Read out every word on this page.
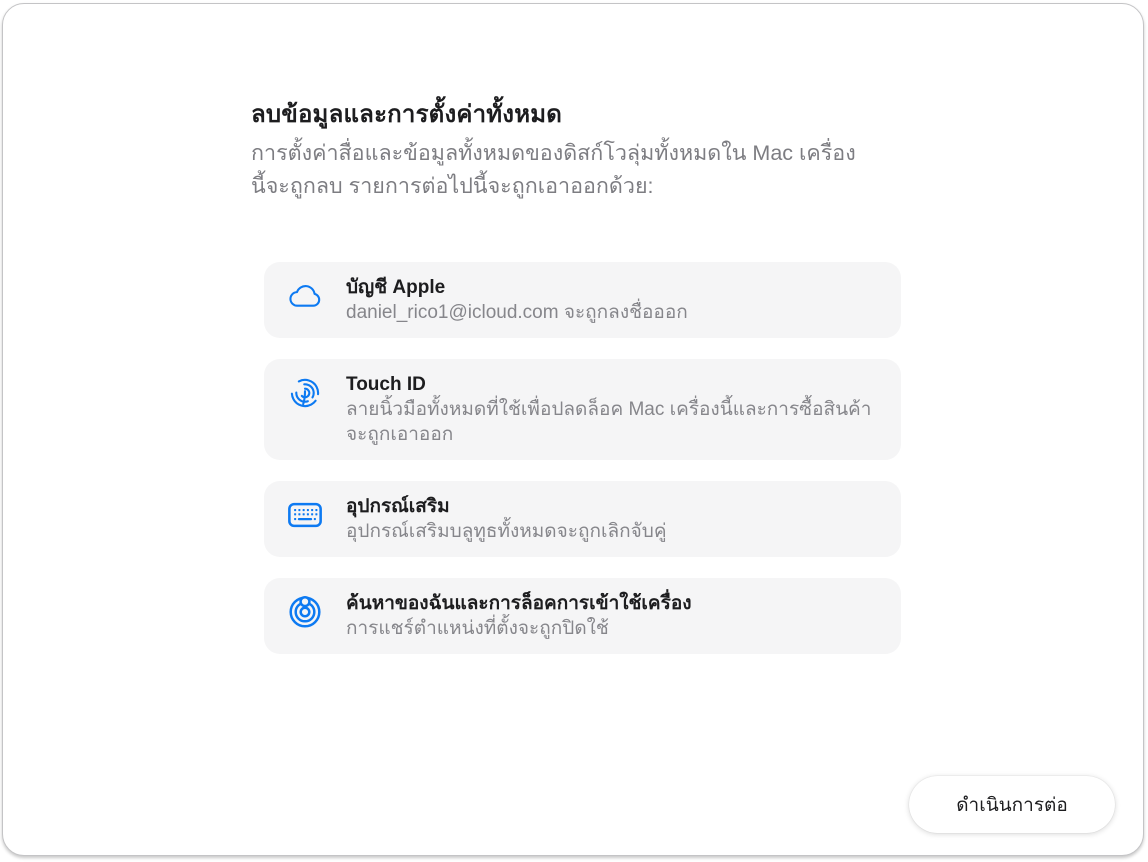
ลบข้อมูลและการตั้งค่าทั้งหมด
การตั้งค่าสื่อและข้อมูลทั้งหมดของดิสก์โวลุ่มทั้งหมดใน Mac เครื่อง
นี้จะถูกลบ รายการต่อไปนี้จะถูกเอาออกด้วย:
บัญชี Apple
daniel_rico1@icloud.com จะถูกลงชื่อออก
Touch ID
ลายนิ้วมือทั้งหมดที่ใช้เพื่อปลดล็อค Mac เครื่องนี้และการซื้อสินค้า
จะถูกเอาออก
อุปกรณ์เสริม
อุปกรณ์เสริมบลูทูธทั้งหมดจะถูกเลิกจับคู่
ค้นหาของฉันและการล็อคการเข้าใช้เครื่อง
การแชร์ตำแหน่งที่ตั้งจะถูกปิดใช้
ดำเนินการต่อ
